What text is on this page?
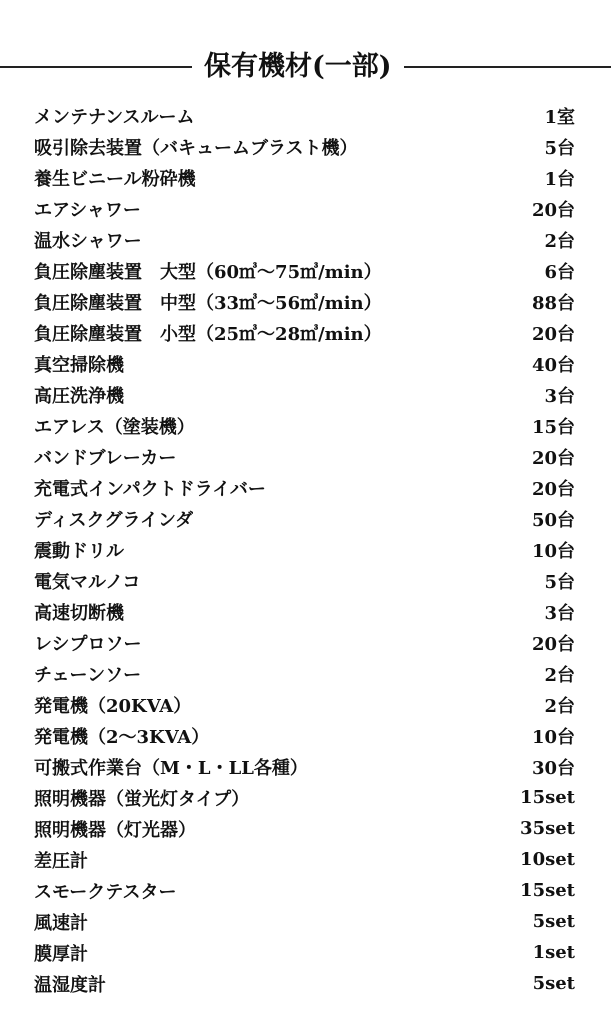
保有機材(一部)
メンテナンスルーム	1室
吸引除去装置（バキュームブラスト機）	5台
養生ビニール粉砕機	1台
エアシャワー	20台
温水シャワー	2台
負圧除塵装置　大型（60㎥～75㎥/min）	6台
負圧除塵装置　中型（33㎥～56㎥/min）	88台
負圧除塵装置　小型（25㎥～28㎥/min）	20台
真空掃除機	40台
高圧洗浄機	3台
エアレス（塗装機）	15台
バンドブレーカー	20台
充電式インパクトドライバー	20台
ディスクグラインダ	50台
震動ドリル	10台
電気マルノコ	5台
高速切断機	3台
レシプロソー	20台
チェーンソー	2台
発電機（20KVA）	2台
発電機（2～3KVA）	10台
可搬式作業台（M・L・LL各種）	30台
照明機器（蛍光灯タイプ）	15set
照明機器（灯光器）	35set
差圧計	10set
スモークテスター	15set
風速計	5set
膜厚計	1set
温湿度計	5set
